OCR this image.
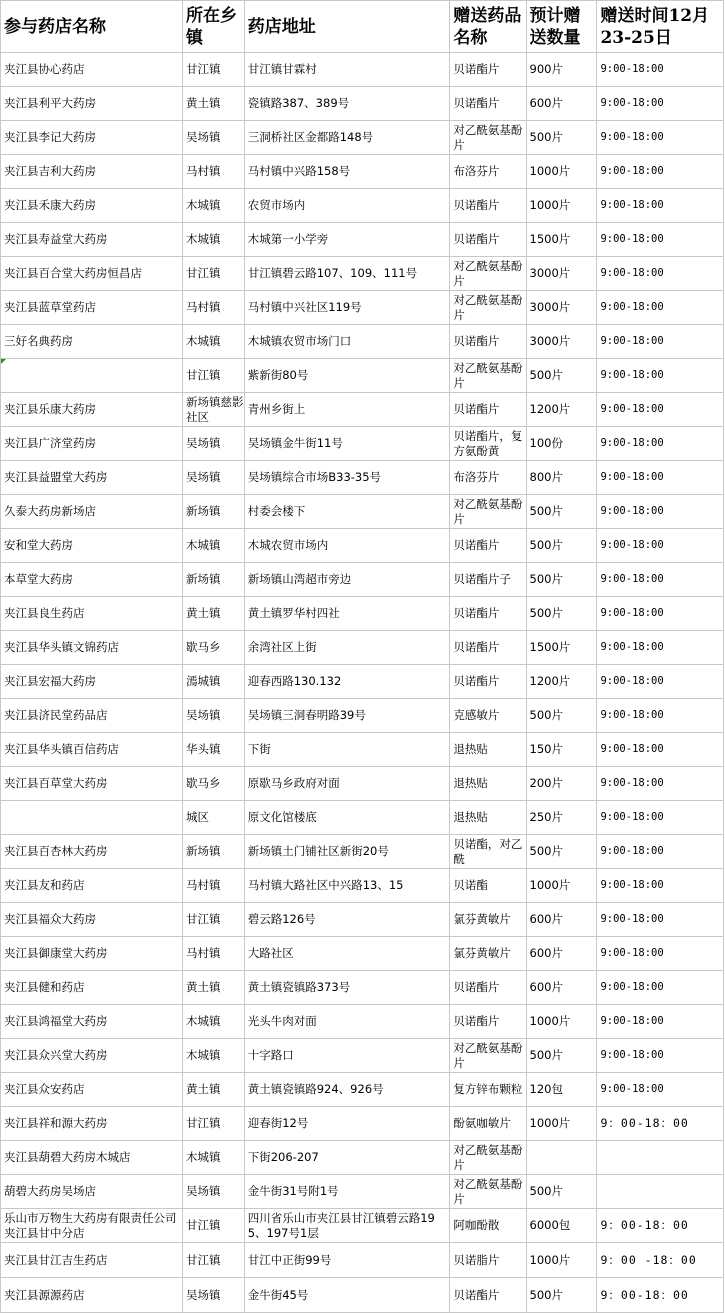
参与药店名称	所在乡镇	药店地址	赠送药品名称	预计赠送数量	赠送时间12月23-25日
夹江县协心药店	甘江镇	甘江镇甘霖村	贝诺酯片	900片	9:00-18:00
夹江县利平大药房	黄土镇	瓷镇路387、389号	贝诺酯片	600片	9:00-18:00
夹江县李记大药房	吴场镇	三洞桥社区金都路148号	对乙酰氨基酚片	500片	9:00-18:00
夹江县吉利大药房	马村镇	马村镇中兴路158号	布洛芬片	1000片	9:00-18:00
夹江县禾康大药房	木城镇	农贸市场内	贝诺酯片	1000片	9:00-18:00
夹江县寿益堂大药房	木城镇	木城第一小学旁	贝诺酯片	1500片	9:00-18:00
夹江县百合堂大药房恒昌店	甘江镇	甘江镇碧云路107、109、111号	对乙酰氨基酚片	3000片	9:00-18:00
夹江县蓝草堂药店	马村镇	马村镇中兴社区119号	对乙酰氨基酚片	3000片	9:00-18:00
三好名典药房	木城镇	木城镇农贸市场门口	贝诺酯片	3000片	9:00-18:00
	甘江镇	紫新街80号	对乙酰氨基酚片	500片	9:00-18:00
夹江县乐康大药房	新场镇慈影社区	青州乡街上	贝诺酯片	1200片	9:00-18:00
夹江县广济堂药房	吴场镇	吴场镇金牛街11号	贝诺酯片，复方氨酚黄	100份	9:00-18:00
夹江县益盟堂大药房	吴场镇	吴场镇综合市场B33-35号	布洛芬片	800片	9:00-18:00
久泰大药房新场店	新场镇	村委会楼下	对乙酰氨基酚片	500片	9:00-18:00
安和堂大药房	木城镇	木城农贸市场内	贝诺酯片	500片	9:00-18:00
本草堂大药房	新场镇	新场镇山湾超市旁边	贝诺酯片子	500片	9:00-18:00
夹江县良生药店	黄土镇	黄土镇罗华村四社	贝诺酯片	500片	9:00-18:00
夹江县华头镇文锦药店	歇马乡	余湾社区上街	贝诺酯片	1500片	9:00-18:00
夹江县宏福大药房	漹城镇	迎春西路130.132	贝诺酯片	1200片	9:00-18:00
夹江县济民堂药品店	吴场镇	吴场镇三洞春明路39号	克感敏片	500片	9:00-18:00
夹江县华头镇百信药店	华头镇	下街	退热贴	150片	9:00-18:00
夹江县百草堂大药房	歇马乡	原歇马乡政府对面	退热贴	200片	9:00-18:00
	城区	原文化馆楼底	退热贴	250片	9:00-18:00
夹江县百杏林大药房	新场镇	新场镇土门铺社区新街20号	贝诺酯，对乙酰	500片	9:00-18:00
夹江县友和药店	马村镇	马村镇大路社区中兴路13、15	贝诺酯	1000片	9:00-18:00
夹江县福众大药房	甘江镇	碧云路126号	氯芬黄敏片	600片	9:00-18:00
夹江县御康堂大药房	马村镇	大路社区	氯芬黄敏片	600片	9:00-18:00
夹江县健和药店	黄土镇	黄土镇瓷镇路373号	贝诺酯片	600片	9:00-18:00
夹江县鸿福堂大药房	木城镇	光头牛肉对面	贝诺酯片	1000片	9:00-18:00
夹江县众兴堂大药房	木城镇	十字路口	对乙酰氨基酚片	500片	9:00-18:00
夹江县众安药店	黄土镇	黄土镇瓷镇路924、926号	复方锌布颗粒	120包	9:00-18:00
夹江县祥和源大药房	甘江镇	迎春街12号	酚氨咖敏片	1000片	9：00-18：00
夹江县葫碧大药房木城店	木城镇	下街206-207	对乙酰氨基酚片		
葫碧大药房吴场店	吴场镇	金牛街31号附1号	对乙酰氨基酚片	500片	
乐山市万物生大药房有限责任公司夹江县甘中分店	甘江镇	四川省乐山市夹江县甘江镇碧云路195、197号1层	阿咖酚散	6000包	9：00-18：00
夹江县甘江吉生药店	甘江镇	甘江中正街99号	贝诺脂片	1000片	9：00 -18：00
夹江县源源药店	吴场镇	金牛街45号	贝诺酯片	500片	9：00-18：00
